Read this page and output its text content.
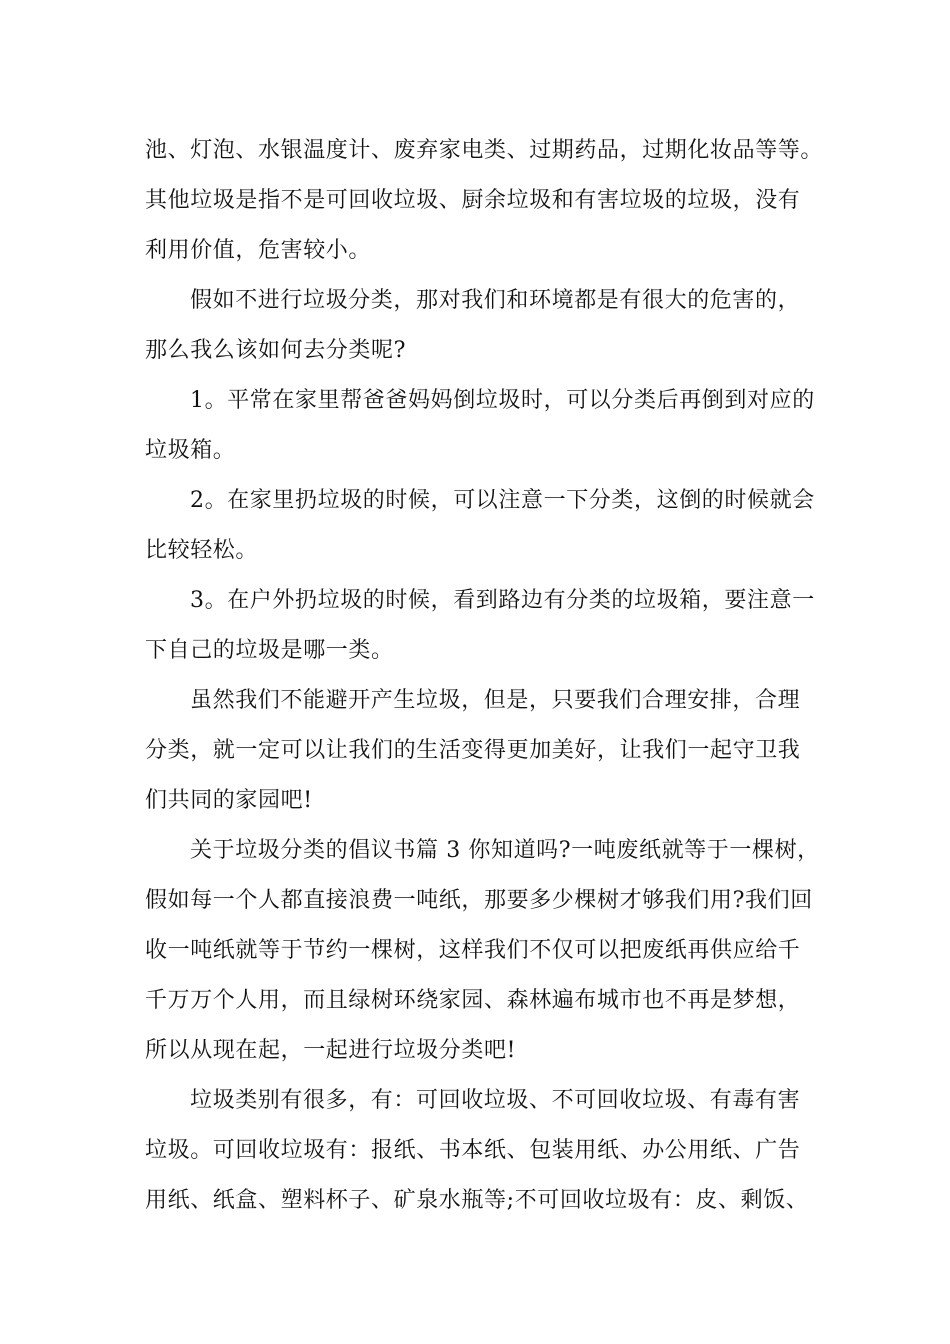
池、灯泡、水银温度计、废弃家电类、过期药品，过期化妆品等等。
其他垃圾是指不是可回收垃圾、厨余垃圾和有害垃圾的垃圾，没有
利用价值，危害较小。
假如不进行垃圾分类，那对我们和环境都是有很大的危害的，
那么我么该如何去分类呢?
1。平常在家里帮爸爸妈妈倒垃圾时，可以分类后再倒到对应的
垃圾箱。
2。在家里扔垃圾的时候，可以注意一下分类，这倒的时候就会
比较轻松。
3。在户外扔垃圾的时候，看到路边有分类的垃圾箱，要注意一
下自己的垃圾是哪一类。
虽然我们不能避开产生垃圾，但是，只要我们合理安排，合理
分类，就一定可以让我们的生活变得更加美好，让我们一起守卫我
们共同的家园吧!
关于垃圾分类的倡议书篇 3 你知道吗?一吨废纸就等于一棵树，
假如每一个人都直接浪费一吨纸，那要多少棵树才够我们用?我们回
收一吨纸就等于节约一棵树，这样我们不仅可以把废纸再供应给千
千万万个人用，而且绿树环绕家园、森林遍布城市也不再是梦想，
所以从现在起，一起进行垃圾分类吧!
垃圾类别有很多，有：可回收垃圾、不可回收垃圾、有毒有害
垃圾。可回收垃圾有：报纸、书本纸、包装用纸、办公用纸、广告
用纸、纸盒、塑料杯子、矿泉水瓶等;不可回收垃圾有：皮、剩饭、
